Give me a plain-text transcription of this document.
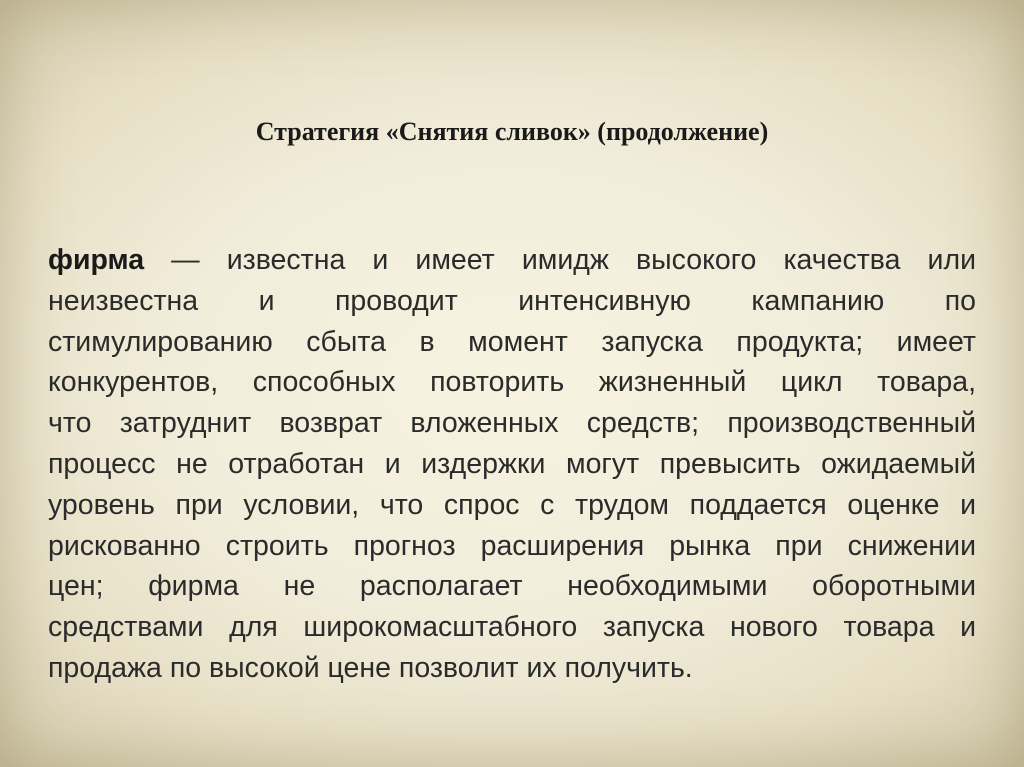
Стратегия «Снятия сливок» (продолжение)
фирма — известна и имеет имидж высокого качества или
неизвестна и проводит интенсивную кампанию по
стимулированию сбыта в момент запуска продукта; имеет
конкурентов, способных повторить жизненный цикл товара,
что затруднит возврат вложенных средств; производственный
процесс не отработан и издержки могут превысить ожидаемый
уровень при условии, что спрос с трудом поддается оценке и
рискованно строить прогноз расширения рынка при снижении
цен; фирма не располагает необходимыми оборотными
средствами для широкомасштабного запуска нового товара и
продажа по высокой цене позволит их получить.
